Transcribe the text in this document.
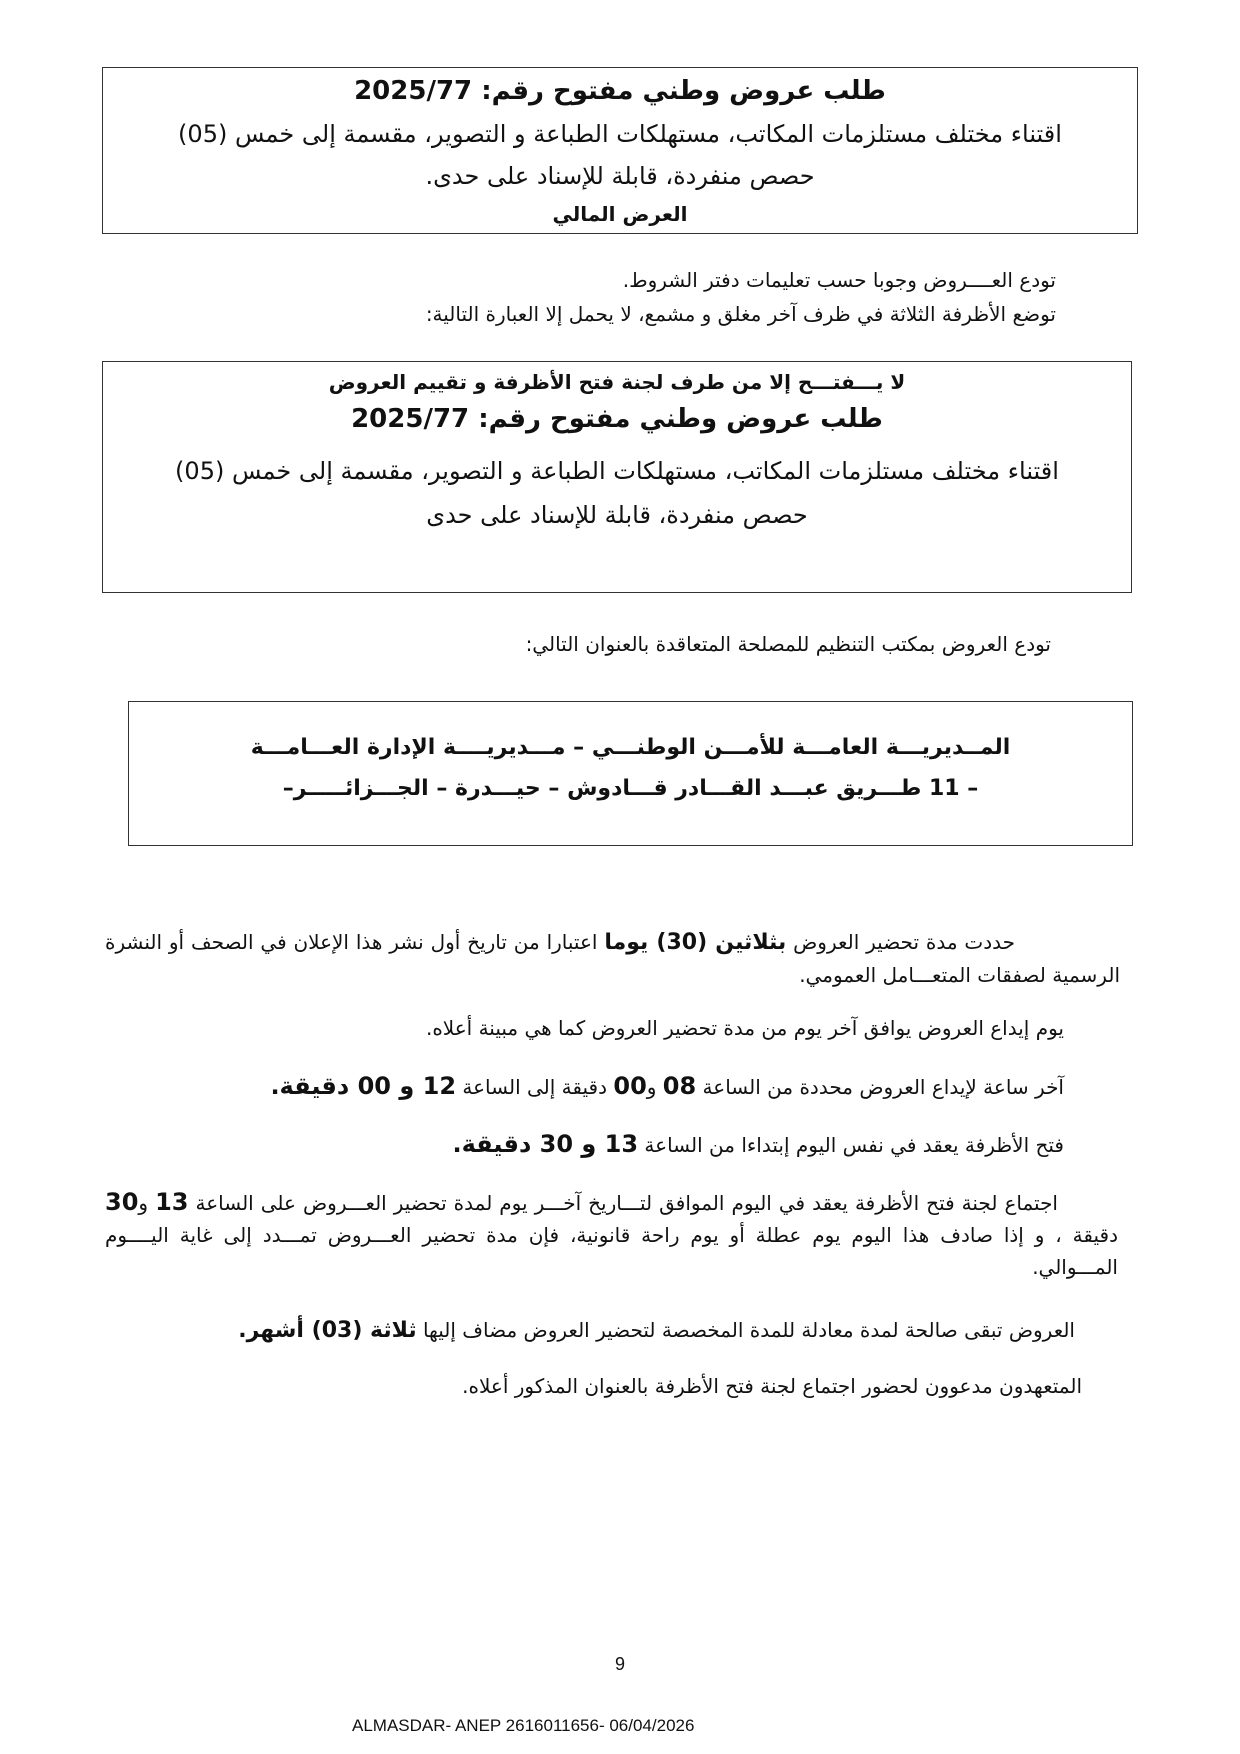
طلب عروض وطني مفتوح رقم: 2025/77
اقتناء مختلف مستلزمات المكاتب، مستهلكات الطباعة و التصوير، مقسمة إلى خمس (05)
حصص منفردة، قابلة للإسناد على حدى.
العرض المالي
تودع العــــروض وجوبا حسب تعليمات دفتر الشروط.
توضع الأظرفة الثلاثة في ظرف آخر مغلق و مشمع، لا يحمل إلا العبارة التالية:
لا يـــفتـــح إلا من طرف لجنة فتح الأظرفة و تقييم العروض
طلب عروض وطني مفتوح رقم: 2025/77
اقتناء مختلف مستلزمات المكاتب، مستهلكات الطباعة و التصوير، مقسمة إلى خمس (05)
حصص منفردة، قابلة للإسناد على حدى
تودع العروض بمكتب التنظيم للمصلحة المتعاقدة بالعنوان التالي:
المــديريـــة العامـــة للأمـــن الوطنـــي – مـــديريــــة الإدارة العـــامـــة
– 11 طـــريق عبـــد القـــادر قـــادوش – حيـــدرة – الجـــزائـــــر–
حددت مدة تحضير العروض بثلاثين (30) يوما اعتبارا من تاريخ أول نشر هذا الإعلان في الصحف أو النشرة الرسمية لصفقات المتعـــامل العمومي.
يوم إيداع العروض يوافق آخر يوم من مدة تحضير العروض كما هي مبينة أعلاه.
آخر ساعة لإيداع العروض محددة من الساعة 08 و00 دقيقة إلى الساعة 12 و 00 دقيقة.
فتح الأظرفة يعقد في نفس اليوم إبتداءا من الساعة 13 و 30 دقيقة.
اجتماع لجنة فتح الأظرفة يعقد في اليوم الموافق لتـــاريخ آخـــر يوم لمدة تحضير العـــروض على الساعة 13 و30 دقيقة ، و إذا صادف هذا اليوم يوم عطلة أو يوم راحة قانونية، فإن مدة تحضير العـــروض تمـــدد إلى غاية اليــــوم المـــوالي.
العروض تبقى صالحة لمدة معادلة للمدة المخصصة لتحضير العروض مضاف إليها ثلاثة (03) أشهر.
المتعهدون مدعوون لحضور اجتماع لجنة فتح الأظرفة بالعنوان المذكور أعلاه.
9
ALMASDAR- ANEP 2616011656- 06/04/2026
